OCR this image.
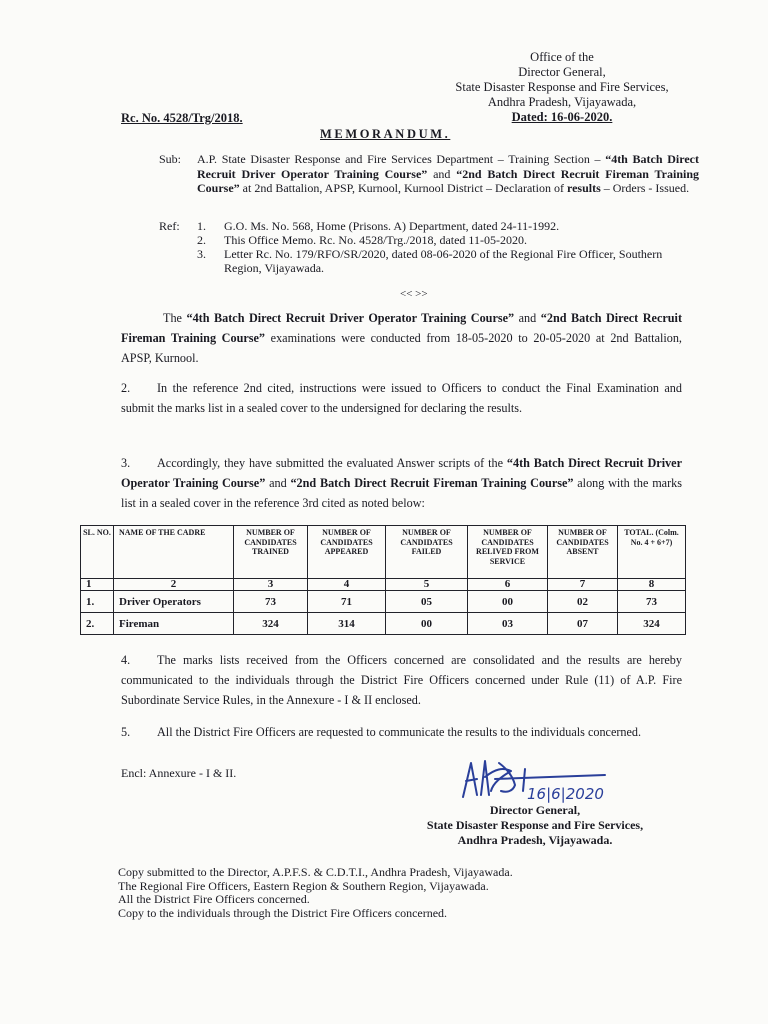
Office of the
Director General,
State Disaster Response and Fire Services,
Andhra Pradesh, Vijayawada,
Dated: 16-06-2020.
Rc. No. 4528/Trg/2018.
MEMORANDUM.
Sub: A.P. State Disaster Response and Fire Services Department – Training Section – “4th Batch Direct Recruit Driver Operator Training Course” and “2nd Batch Direct Recruit Fireman Training Course” at 2nd Battalion, APSP, Kurnool, Kurnool District – Declaration of results – Orders - Issued.
Ref: 1. G.O. Ms. No. 568, Home (Prisons. A) Department, dated 24-11-1992.
2. This Office Memo. Rc. No. 4528/Trg./2018, dated 11-05-2020.
3. Letter Rc. No. 179/RFO/SR/2020, dated 08-06-2020 of the Regional Fire Officer, Southern Region, Vijayawada.
<< >>
The “4th Batch Direct Recruit Driver Operator Training Course” and “2nd Batch Direct Recruit Fireman Training Course” examinations were conducted from 18-05-2020 to 20-05-2020 at 2nd Battalion, APSP, Kurnool.
2. In the reference 2nd cited, instructions were issued to Officers to conduct the Final Examination and submit the marks list in a sealed cover to the undersigned for declaring the results.
3. Accordingly, they have submitted the evaluated Answer scripts of the “4th Batch Direct Recruit Driver Operator Training Course” and “2nd Batch Direct Recruit Fireman Training Course” along with the marks list in a sealed cover in the reference 3rd cited as noted below:
SL. NO.	NAME OF THE CADRE	NUMBER OF CANDIDATES TRAINED	NUMBER OF CANDIDATES APPEARED	NUMBER OF CANDIDATES FAILED	NUMBER OF CANDIDATES RELIVED FROM SERVICE	NUMBER OF CANDIDATES ABSENT	TOTAL. (Colm. No. 4 + 6+7)
1	2	3	4	5	6	7	8
1.	Driver Operators	73	71	05	00	02	73
2.	Fireman	324	314	00	03	07	324
4. The marks lists received from the Officers concerned are consolidated and the results are hereby communicated to the individuals through the District Fire Officers concerned under Rule (11) of A.P. Fire Subordinate Service Rules, in the Annexure - I & II enclosed.
5. All the District Fire Officers are requested to communicate the results to the individuals concerned.
Encl: Annexure - I & II.
16|6|2020
Director General,
State Disaster Response and Fire Services,
Andhra Pradesh, Vijayawada.
Copy submitted to the Director, A.P.F.S. & C.D.T.I., Andhra Pradesh, Vijayawada.
The Regional Fire Officers, Eastern Region & Southern Region, Vijayawada.
All the District Fire Officers concerned.
Copy to the individuals through the District Fire Officers concerned.
